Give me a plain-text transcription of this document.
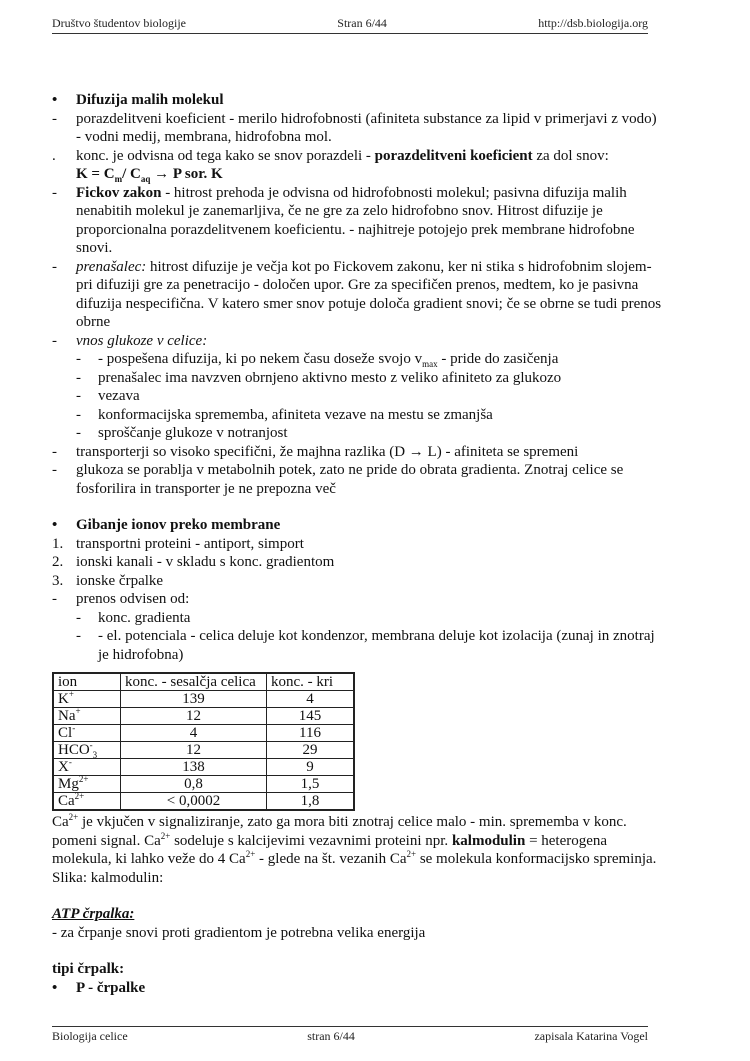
Društvo študentov biologije	Stran 6/44	http://dsb.biologija.org
•	Difuzija malih molekul
-	porazdelitveni koeficient - merilo hidrofobnosti (afiniteta substance za lipid v primerjavi z vodo) - vodni medij, membrana, hidrofobna mol.
.	konc. je odvisna od tega kako se snov porazdeli - porazdelitveni koeficient za dol snov:
$K = C_m/$ $C_{aq} \to P$ sor. K
-	Fickov zakon - hitrost prehoda je odvisna od hidrofobnosti molekul; pasivna difuzija malih nenabitih molekul je zanemarljiva, če ne gre za zelo hidrofobno snov. Hitrost difuzije je proporcionalna porazdelitvenem koeficientu. - najhitreje potojejo prek membrane hidrofobne snovi.
-	prenašalec: hitrost difuzije je večja kot po Fickovem zakonu, ker ni stika s hidrofobnim slojem- pri difuziji gre za penetracijo - določen upor. Gre za specifičen prenos, medtem, ko je pasivna difuzija nespecifična. V katero smer snov potuje določa gradient snovi; če se obrne se tudi prenos obrne
-	vnos glukoze v celice:
-	- pospešena difuzija, ki po nekem času doseže svojo $v_{max}$ - pride do zasičenja
-	prenašalec ima navzven obrnjeno aktivno mesto z veliko afiniteto za glukozo
-	vezava
-	konformacijska sprememba, afiniteta vezave na mestu se zmanjša
-	sproščanje glukoze v notranjost
-	transporterji so visoko specifični, že majhna razlika (D → L) - afiniteta se spremeni
-	glukoza se porablja v metabolnih potek, zato ne pride do obrata gradienta. Znotraj celice se fosforilira in transporter je ne prepozna več
•	Gibanje ionov preko membrane
1. transportni proteini - antiport, simport
2. ionski kanali - v skladu s konc. gradientom
3. ionske črpalke
-	prenos odvisen od:
-	konc. gradienta
-	- el. potenciala - celica deluje kot kondenzor, membrana deluje kot izolacija (zunaj in znotraj je hidrofobna)
ion	konc. - sesalčja celica	konc. - kri
K+	139	4
Na+	12	145
Cl-	4	116
$HCO^-_3$	12	29
X-	138	9
$Mg^{2+}$	0,8	1,5
$Ca^{2+}$	< 0,0002	1,8
$Ca^{2+}$ je vkjučen v signaliziranje, zato ga mora biti znotraj celice malo - min. sprememba v konc. pomeni signal. $Ca^{2+}$ sodeluje s kalcijevimi vezavnimi proteini npr. kalmodulin = heterogena molekula, ki lahko veže do 4 $Ca^{2+}$ - glede na št. vezanih $Ca^{2+}$ se molekula konformacijsko spreminja.
Slika: kalmodulin:
ATP črpalka:
- za črpanje snovi proti gradientom je potrebna velika energija
tipi črpalk:
•	P - črpalke
Biologija celice	stran 6/44	zapisala Katarina Vogel
